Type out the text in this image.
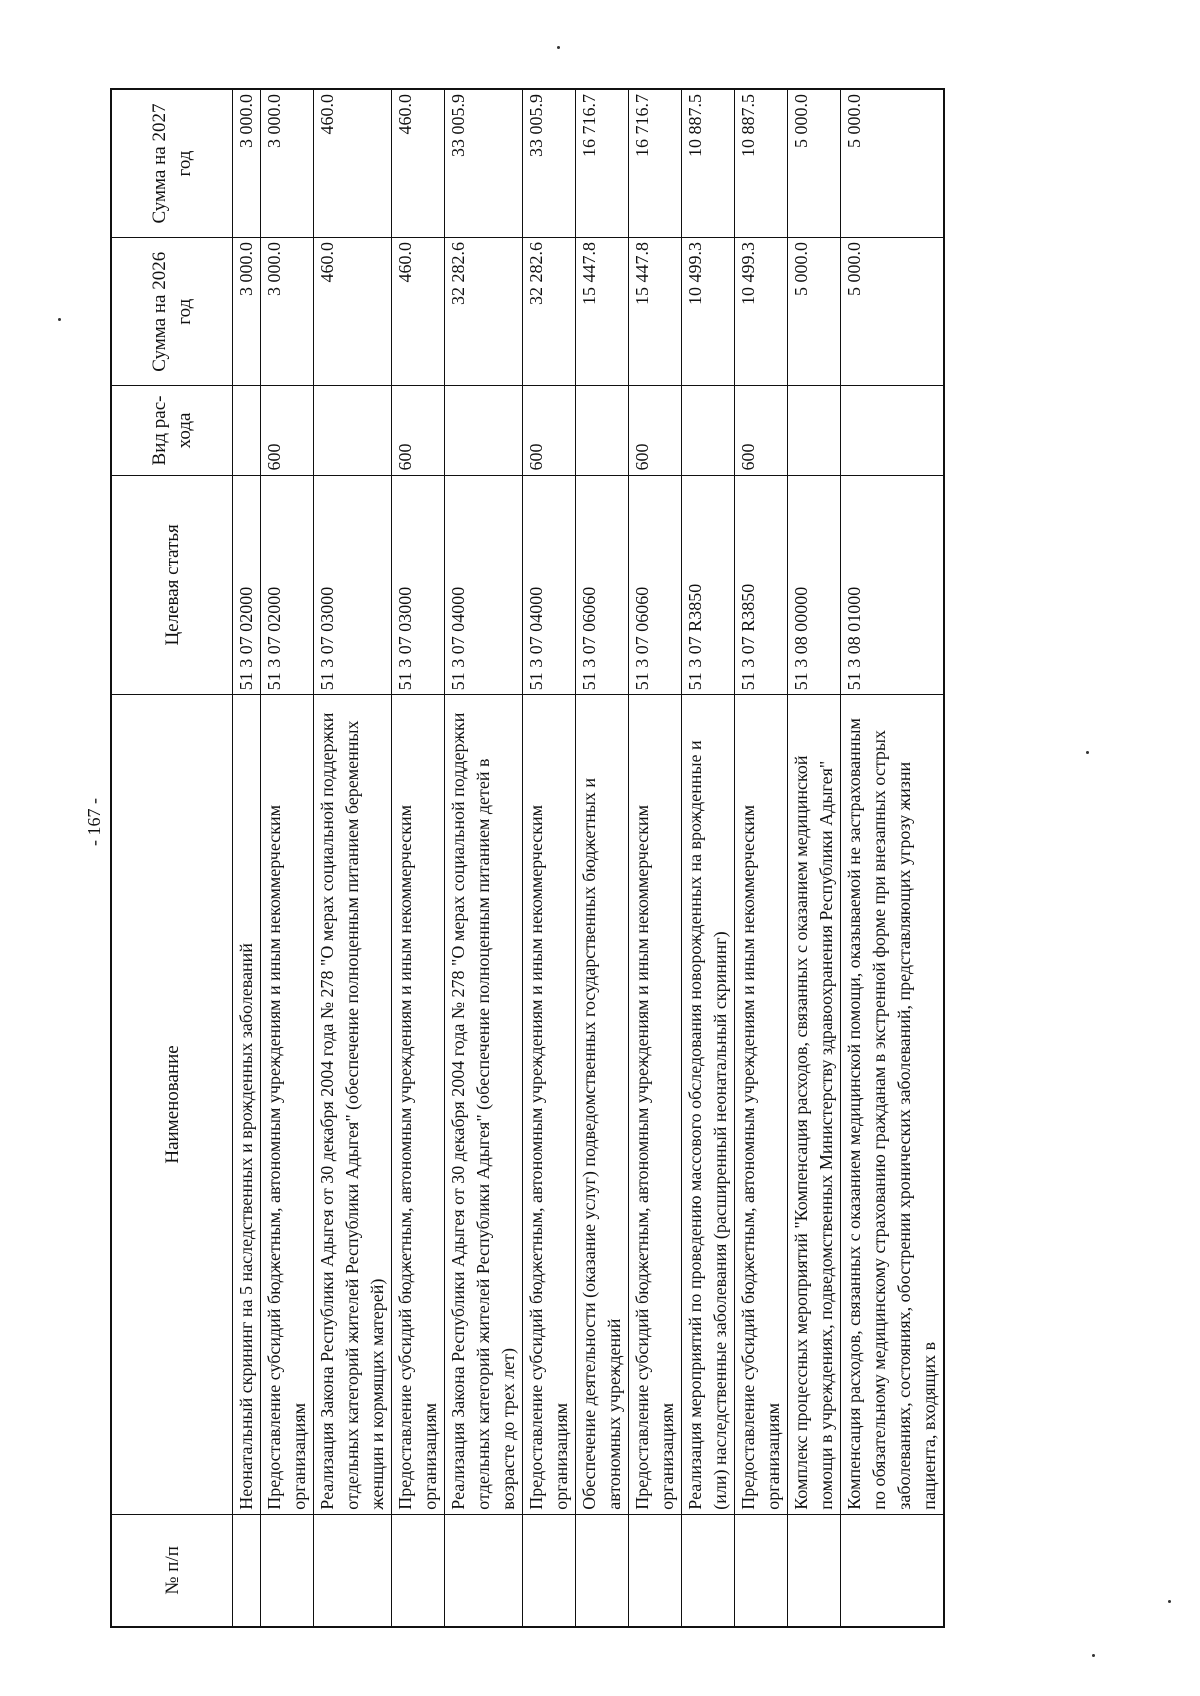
- 167 -
№ п/п	Наименование	Целевая статья	Вид рас- хода	Сумма на 2026 год	Сумма на 2027 год
	Неонатальный скрининг на 5 наследственных и врожденных заболеваний	51 3 07 02000		3 000.0	3 000.0
	Предоставление субсидий бюджетным, автономным учреждениям и иным некоммерческим организациям	51 3 07 02000	600	3 000.0	3 000.0
	Реализация Закона Республики Адыгея от 30 декабря 2004 года № 278 "О мерах социальной поддержки отдельных категорий жителей Республики Адыгея" (обеспечение полноценным питанием беременных женщин и кормящих матерей)	51 3 07 03000		460.0	460.0
	Предоставление субсидий бюджетным, автономным учреждениям и иным некоммерческим организациям	51 3 07 03000	600	460.0	460.0
	Реализация Закона Республики Адыгея от 30 декабря 2004 года № 278 "О мерах социальной поддержки отдельных категорий жителей Республики Адыгея" (обеспечение полноценным питанием детей в возрасте до трех лет)	51 3 07 04000		32 282.6	33 005.9
	Предоставление субсидий бюджетным, автономным учреждениям и иным некоммерческим организациям	51 3 07 04000	600	32 282.6	33 005.9
	Обеспечение деятельности (оказание услуг) подведомственных государственных бюджетных и автономных учреждений	51 3 07 06060		15 447.8	16 716.7
	Предоставление субсидий бюджетным, автономным учреждениям и иным некоммерческим организациям	51 3 07 06060	600	15 447.8	16 716.7
	Реализация мероприятий по проведению массового обследования новорожденных на врожденные и (или) наследственные заболевания (расширенный неонатальный скрининг)	51 3 07 R3850		10 499.3	10 887.5
	Предоставление субсидий бюджетным, автономным учреждениям и иным некоммерческим организациям	51 3 07 R3850	600	10 499.3	10 887.5
	Комплекс процессных мероприятий "Компенсация расходов, связанных с оказанием медицинской помощи в учреждениях, подведомственных Министерству здравоохранения Республики Адыгея"	51 3 08 00000		5 000.0	5 000.0
	Компенсация расходов, связанных с оказанием медицинской помощи, оказываемой не застрахованным по обязательному медицинскому страхованию гражданам в экстренной форме при внезапных острых заболеваниях, состояниях, обострении хронических заболеваний, представляющих угрозу жизни пациента, входящих в	51 3 08 01000		5 000.0	5 000.0
